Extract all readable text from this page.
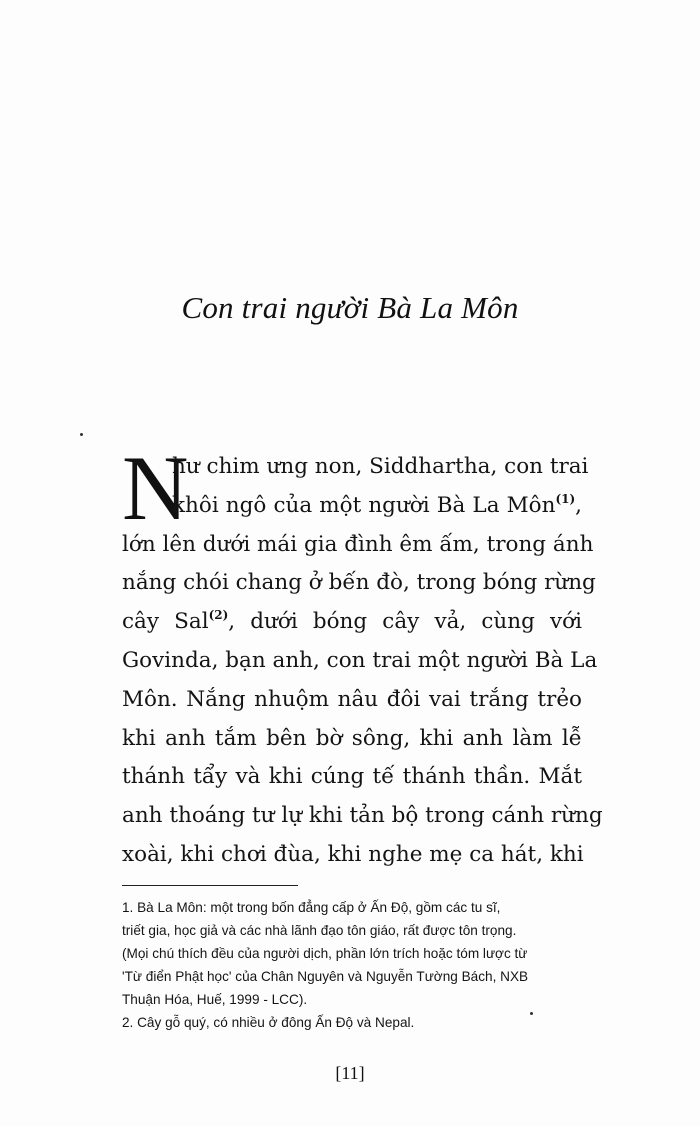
Con trai người Bà La Môn
N
hư chim ưng non, Siddhartha, con trai
khôi ngô của một người Bà La Môn$^{(1)}$,
lớn lên dưới mái gia đình êm ấm, trong ánh
nắng chói chang ở bến đò, trong bóng rừng
cây Sal$^{(2)}$, dưới bóng cây vả, cùng với
Govinda, bạn anh, con trai một người Bà La
Môn. Nắng nhuộm nâu đôi vai trắng trẻo
khi anh tắm bên bờ sông, khi anh làm lễ
thánh tẩy và khi cúng tế thánh thần. Mắt
anh thoáng tư lự khi tản bộ trong cánh rừng
xoài, khi chơi đùa, khi nghe mẹ ca hát, khi
1. Bà La Môn: một trong bốn đẳng cấp ở Ấn Độ, gồm các tu sĩ,
triết gia, học giả và các nhà lãnh đạo tôn giáo, rất được tôn trọng.
(Mọi chú thích đều của người dịch, phần lớn trích hoặc tóm lược từ
'Từ điển Phật học' của Chân Nguyên và Nguyễn Tường Bách, NXB
Thuận Hóa, Huế, 1999 - LCC).
2. Cây gỗ quý, có nhiều ở đông Ấn Độ và Nepal.
[11]
